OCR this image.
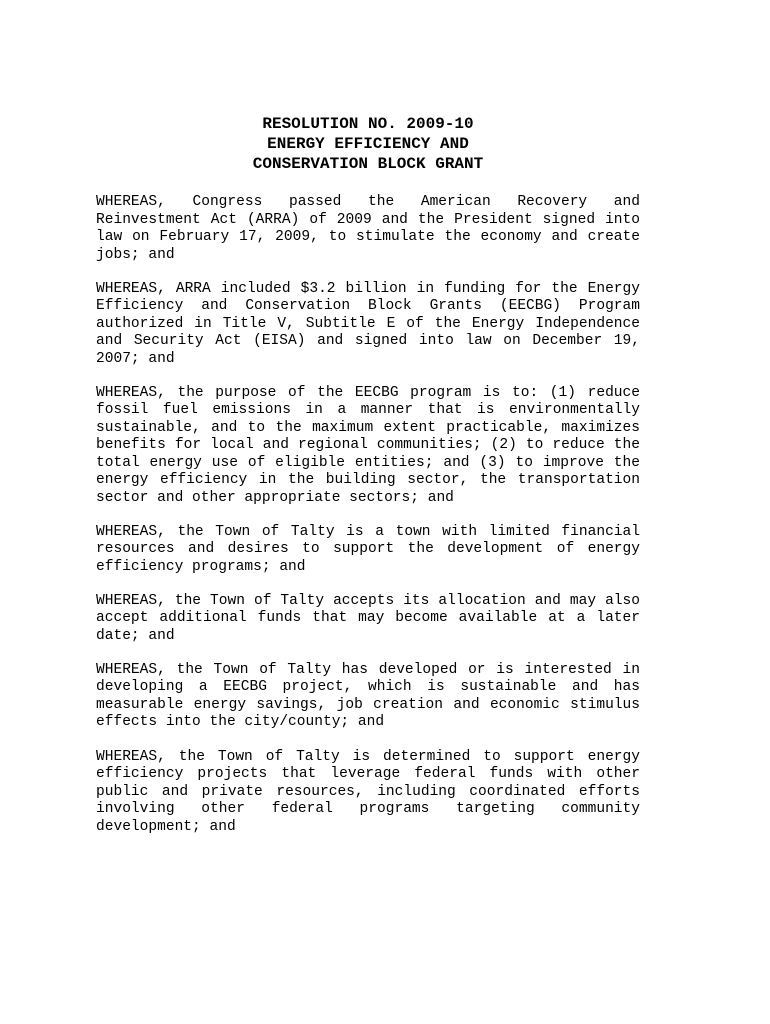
RESOLUTION NO. 2009-10
ENERGY EFFICIENCY AND
CONSERVATION BLOCK GRANT

WHEREAS, Congress passed the American Recovery and Reinvestment Act (ARRA) of 2009 and the President signed into law on February 17, 2009, to stimulate the economy and create jobs; and

WHEREAS, ARRA included $3.2 billion in funding for the Energy Efficiency and Conservation Block Grants (EECBG) Program authorized in Title V, Subtitle E of the Energy Independence and Security Act (EISA) and signed into law on December 19, 2007; and

WHEREAS, the purpose of the EECBG program is to: (1) reduce fossil fuel emissions in a manner that is environmentally sustainable, and to the maximum extent practicable, maximizes benefits for local and regional communities; (2) to reduce the total energy use of eligible entities; and (3) to improve the energy efficiency in the building sector, the transportation sector and other appropriate sectors; and

WHEREAS, the Town of Talty is a town with limited financial resources and desires to support the development of energy efficiency programs; and

WHEREAS, the Town of Talty accepts its allocation and may also accept additional funds that may become available at a later date; and

WHEREAS, the Town of Talty has developed or is interested in developing a EECBG project, which is sustainable and has measurable energy savings, job creation and economic stimulus effects into the city/county; and

WHEREAS, the Town of Talty is determined to support energy efficiency projects that leverage federal funds with other public and private resources, including coordinated efforts involving other federal programs targeting community development; and
